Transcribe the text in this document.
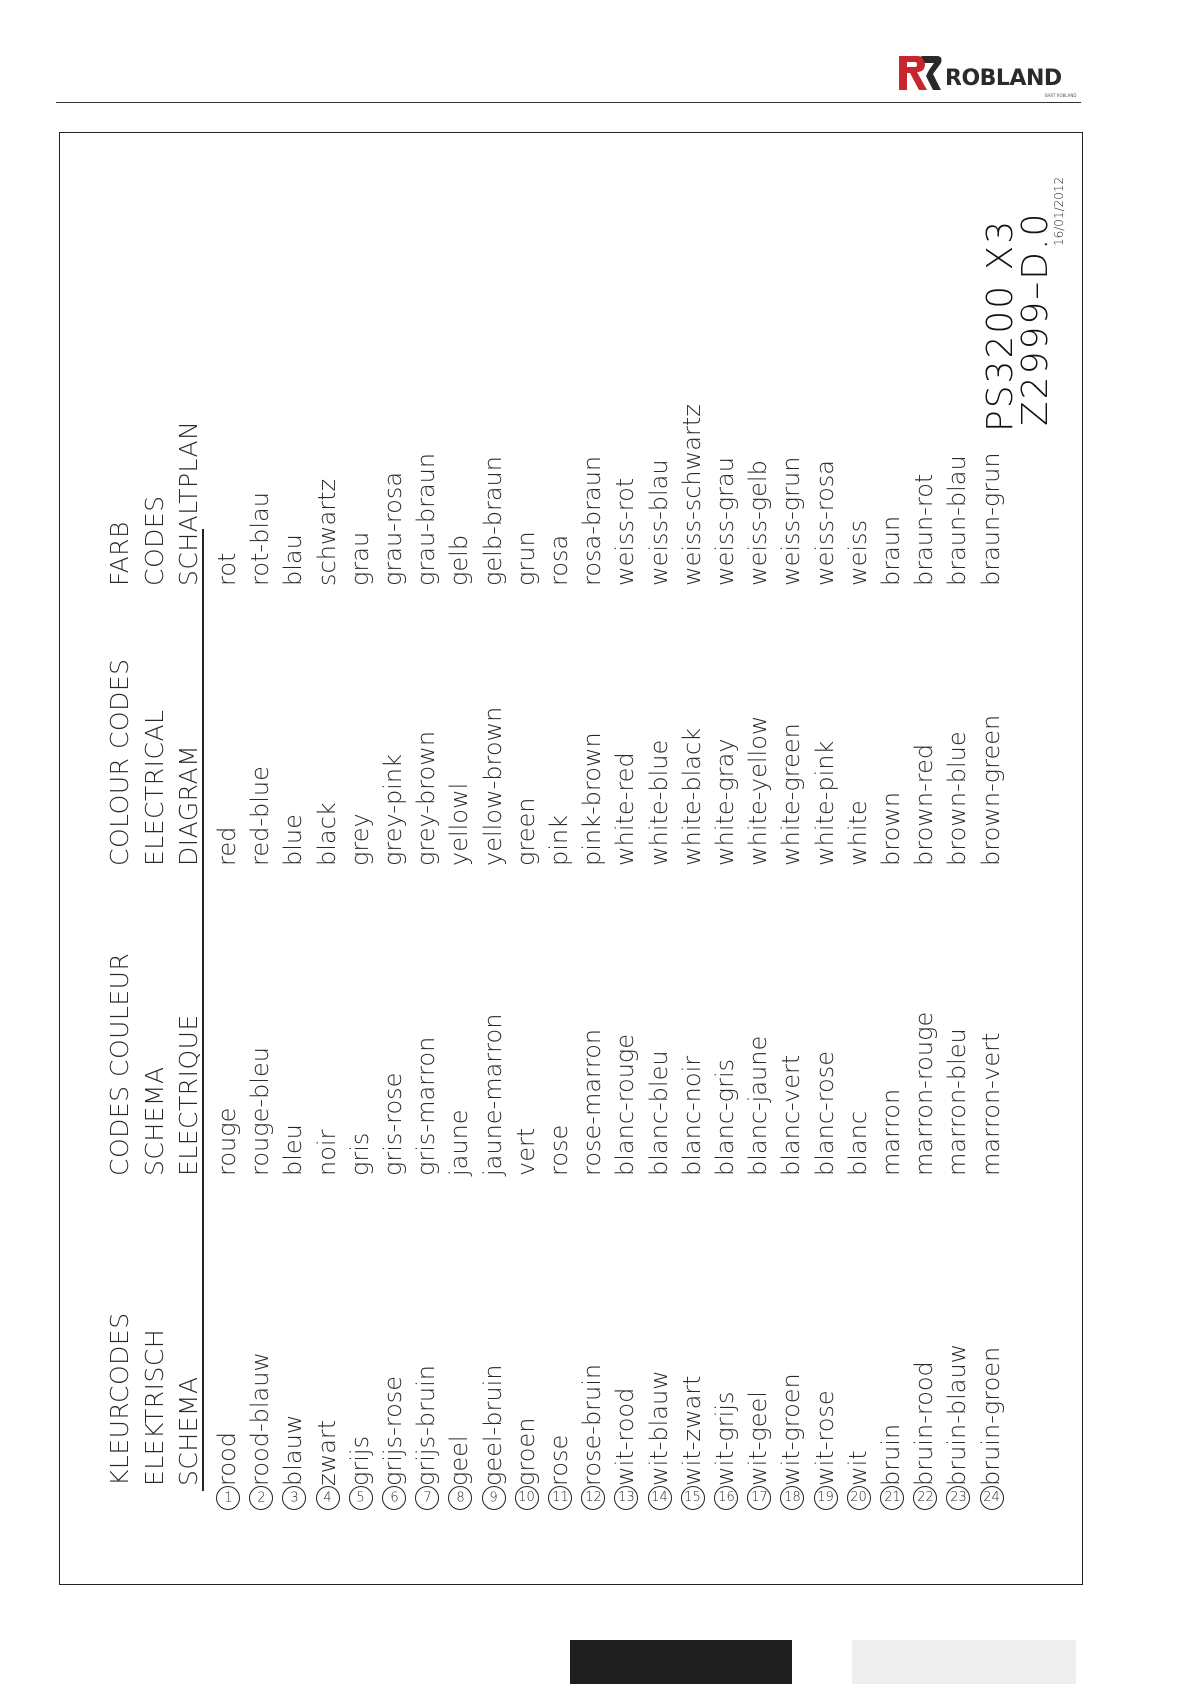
ROBLAND
BART ROBLAND
PS3200 X3
Z2999–D.0
16/01/2012
KLEURCODES ELEKTRISCH SCHEMA
CODES COULEUR SCHEMA ELECTRIQUE
COLOUR CODES ELECTRICAL DIAGRAM
FARB CODES SCHALTPLAN
1
rood
rouge
red
rot
2
rood-blauw
rouge-bleu
red-blue
rot-blau
3
blauw
bleu
blue
blau
4
zwart
noir
black
schwartz
5
grijs
gris
grey
grau
6
grijs-rose
gris-rose
grey-pink
grau-rosa
7
grijs-bruin
gris-marron
grey-brown
grau-braun
8
geel
jaune
yellowl
gelb
9
geel-bruin
jaune-marron
yellow-brown
gelb-braun
10
groen
vert
green
grun
11
rose
rose
pink
rosa
12
rose-bruin
rose-marron
pink-brown
rosa-braun
13
wit-rood
blanc-rouge
white-red
weiss-rot
14
wit-blauw
blanc-bleu
white-blue
weiss-blau
15
wit-zwart
blanc-noir
white-black
weiss-schwartz
16
wit-grijs
blanc-gris
white-gray
weiss-grau
17
wit-geel
blanc-jaune
white-yellow
weiss-gelb
18
wit-groen
blanc-vert
white-green
weiss-grun
19
wit-rose
blanc-rose
white-pink
weiss-rosa
20
wit
blanc
white
weiss
21
bruin
marron
brown
braun
22
bruin-rood
marron-rouge
brown-red
braun-rot
23
bruin-blauw
marron-bleu
brown-blue
braun-blau
24
bruin-groen
marron-vert
brown-green
braun-grun
